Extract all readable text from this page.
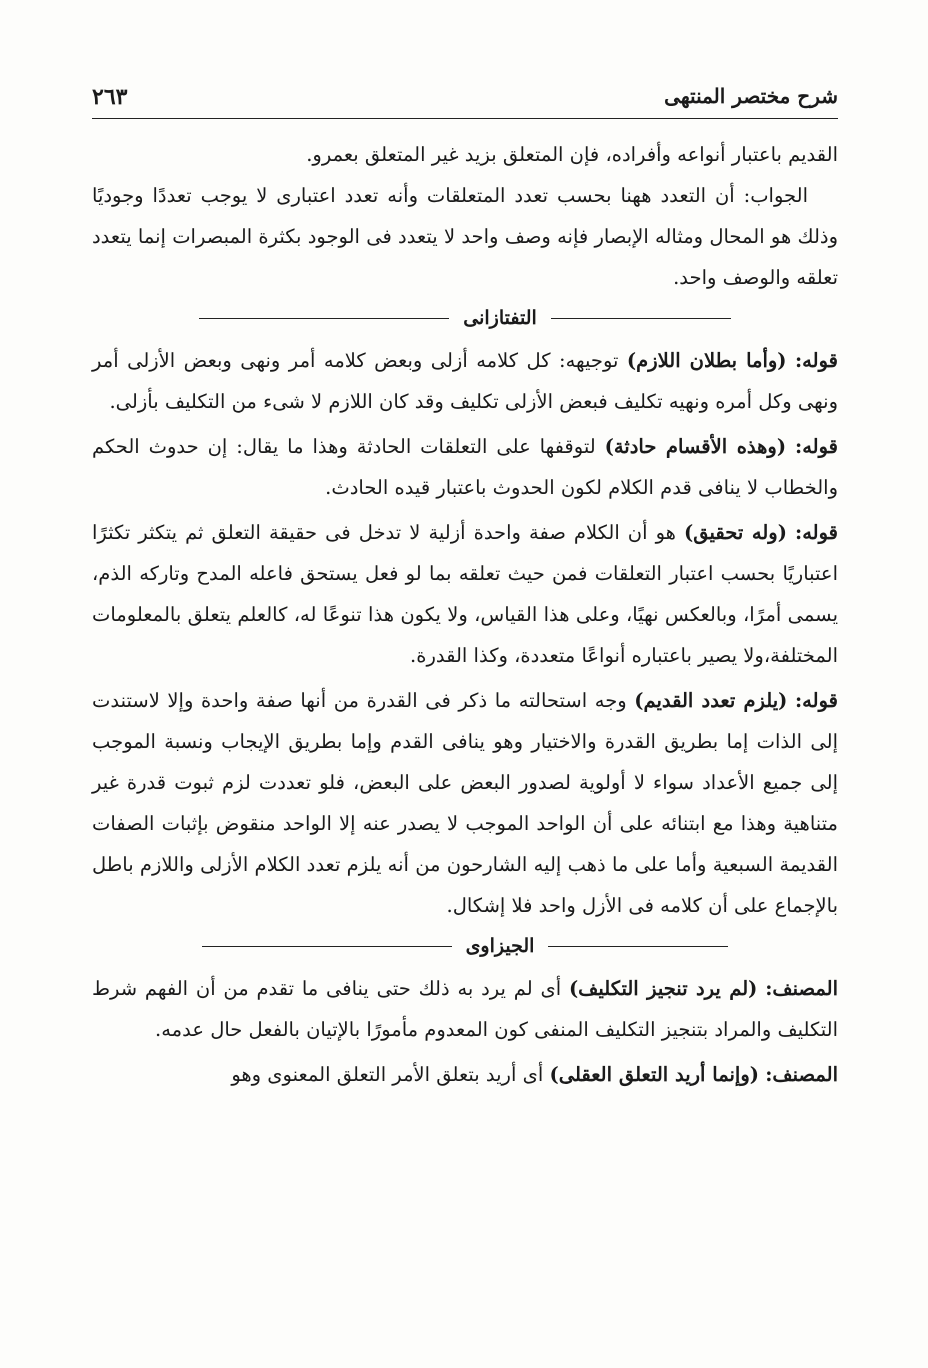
شرح مختصر المنتهى
٢٦٣

القديم باعتبار أنواعه وأفراده، فإن المتعلق بزيد غير المتعلق بعمرو.

الجواب: أن التعدد ههنا بحسب تعدد المتعلقات وأنه تعدد اعتبارى لا يوجب تعددًا وجوديًا وذلك هو المحال ومثاله الإبصار فإنه وصف واحد لا يتعدد فى الوجود بكثرة المبصرات إنما يتعدد تعلقه والوصف واحد.

التفتازانى

قوله: (وأما بطلان اللازم) توجيهه: كل كلامه أزلى وبعض كلامه أمر ونهى وبعض الأزلى أمر ونهى وكل أمره ونهيه تكليف فبعض الأزلى تكليف وقد كان اللازم لا شىء من التكليف بأزلى.

قوله: (وهذه الأقسام حادثة) لتوقفها على التعلقات الحادثة وهذا ما يقال: إن حدوث الحكم والخطاب لا ينافى قدم الكلام لكون الحدوث باعتبار قيده الحادث.

قوله: (وله تحقيق) هو أن الكلام صفة واحدة أزلية لا تدخل فى حقيقة التعلق ثم يتكثر تكثرًا اعتباريًا بحسب اعتبار التعلقات فمن حيث تعلقه بما لو فعل يستحق فاعله المدح وتاركه الذم، يسمى أمرًا، وبالعكس نهيًا، وعلى هذا القياس، ولا يكون هذا تنوعًا له، كالعلم يتعلق بالمعلومات المختلفة،ولا يصير باعتباره أنواعًا متعددة، وكذا القدرة.

قوله: (يلزم تعدد القديم) وجه استحالته ما ذكر فى القدرة من أنها صفة واحدة وإلا لاستندت إلى الذات إما بطريق القدرة والاختيار وهو ينافى القدم وإما بطريق الإيجاب ونسبة الموجب إلى جميع الأعداد سواء لا أولوية لصدور البعض على البعض، فلو تعددت لزم ثبوت قدرة غير متناهية وهذا مع ابتنائه على أن الواحد الموجب لا يصدر عنه إلا الواحد منقوض بإثبات الصفات القديمة السبعية وأما على ما ذهب إليه الشارحون من أنه يلزم تعدد الكلام الأزلى واللازم باطل بالإجماع على أن كلامه فى الأزل واحد فلا إشكال.

الجيزاوى

المصنف: (لم يرد تنجيز التكليف) أى لم يرد به ذلك حتى ينافى ما تقدم من أن الفهم شرط التكليف والمراد بتنجيز التكليف المنفى كون المعدوم مأمورًا بالإتيان بالفعل حال عدمه.

المصنف: (وإنما أريد التعلق العقلى) أى أريد بتعلق الأمر التعلق المعنوى وهو
